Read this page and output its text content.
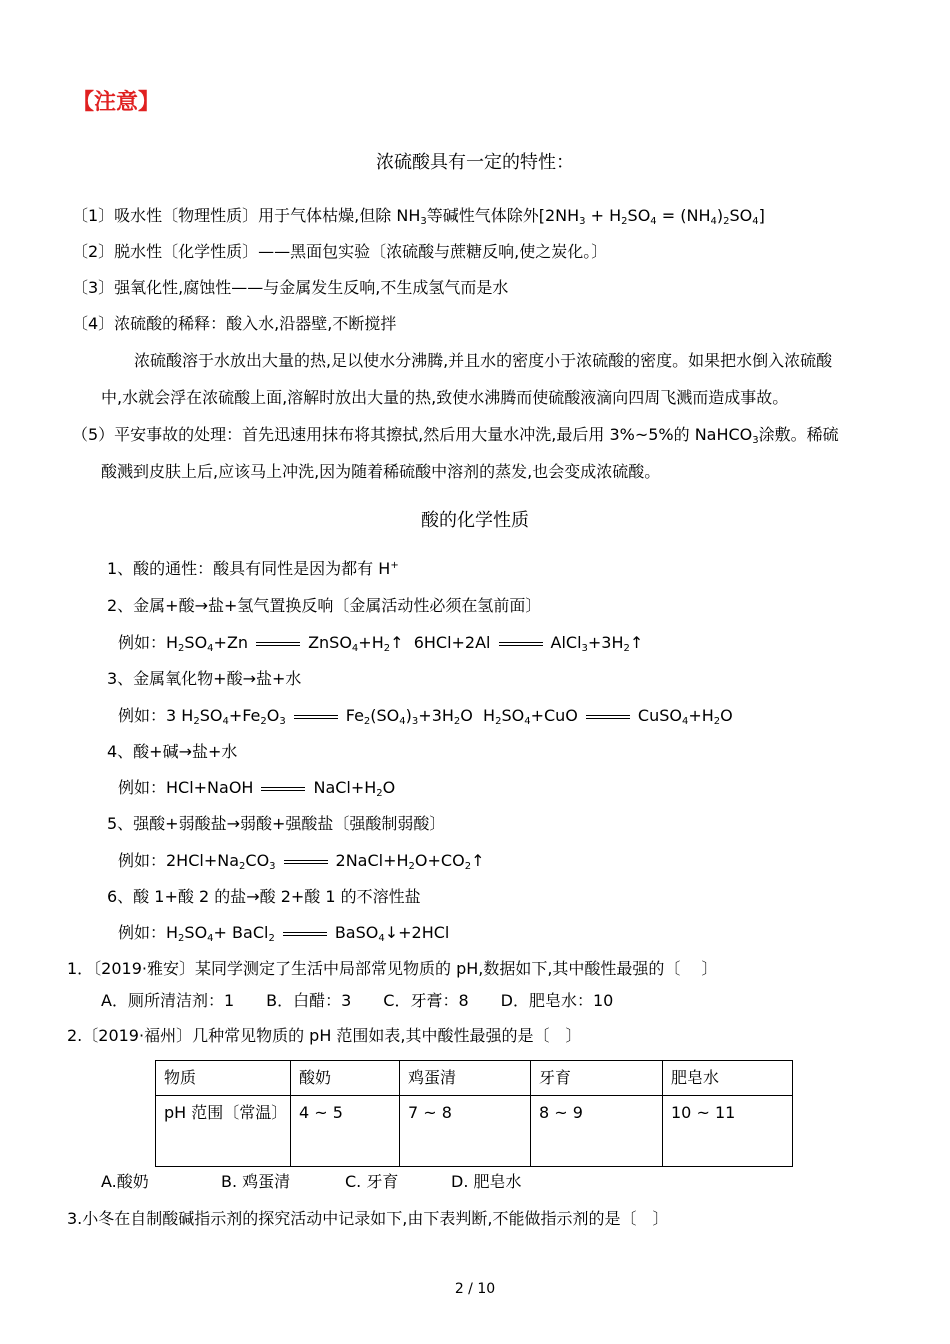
【注意】
浓硫酸具有一定的特性：
〔1〕吸水性〔物理性质〕用于气体枯燥,但除 $NH_3$等碱性气体除外$[2NH_3 + H_2SO_4 = (NH_4)_2SO_4]$
〔2〕脱水性〔化学性质〕——黑面包实验〔浓硫酸与蔗糖反响,使之炭化。〕
〔3〕强氧化性,腐蚀性——与金属发生反响,不生成氢气而是水
〔4〕浓硫酸的稀释：酸入水,沿器壁,不断搅拌
浓硫酸溶于水放出大量的热,足以使水分沸腾,并且水的密度小于浓硫酸的密度。如果把水倒入浓硫酸
中,水就会浮在浓硫酸上面,溶解时放出大量的热,致使水沸腾而使硫酸液滴向四周飞溅而造成事故。
（5）平安事故的处理：首先迅速用抹布将其擦拭,然后用大量水冲洗,最后用 3%~5%的 NaHCO$_3$涂敷。稀硫
酸溅到皮肤上后,应该马上冲洗,因为随着稀硫酸中溶剂的蒸发,也会变成浓硫酸。
酸的化学性质
1、酸的通性：酸具有同性是因为都有 H+
2、金属+酸→盐+氢气置换反响〔金属活动性必须在氢前面〕
例如：$H_2SO_4+Zn$	$ZnSO_4+H_2↑$  6HCl+2Al	$AlCl_3+3H_2↑$
3、金属氧化物+酸→盐+水
例如：3 $H_2SO_4+Fe_2O_3$	$Fe_2(SO_4)_3+3H_2O$  $H_2SO_4+CuO$	$CuSO_4+H_2O$
4、酸+碱→盐+水
例如：HCl+NaOH	$NaCl+H_2O$
5、强酸+弱酸盐→弱酸+强酸盐〔强酸制弱酸〕
例如：$2HCl+Na_2CO_3$	$2NaCl+H_2O+CO_2↑$
6、酸 1+酸 2 的盐→酸 2+酸 1 的不溶性盐
例如：$H_2SO_4+$ BaCl$_2$	BaSO$_4$↓+2HCl
1．〔2019·雅安〕某同学测定了生活中局部常见物质的 pH,数据如下,其中酸性最强的〔　 〕
A．厕所清洁剂：1　　B．白醋：3　　C．牙膏：8　　D．肥皂水：10
2.〔2019·福州〕几种常见物质的 pH 范围如表,其中酸性最强的是〔　〕
物质	酸奶	鸡蛋清	牙育	肥皂水
pH 范围〔常温〕	4 ~ 5	7 ~ 8	8 ~ 9	10 ~ 11
A.酸奶	B. 鸡蛋清	C. 牙育	D. 肥皂水
3.小冬在自制酸碱指示剂的探究活动中记录如下,由下表判断,不能做指示剂的是〔　〕
2 / 10
